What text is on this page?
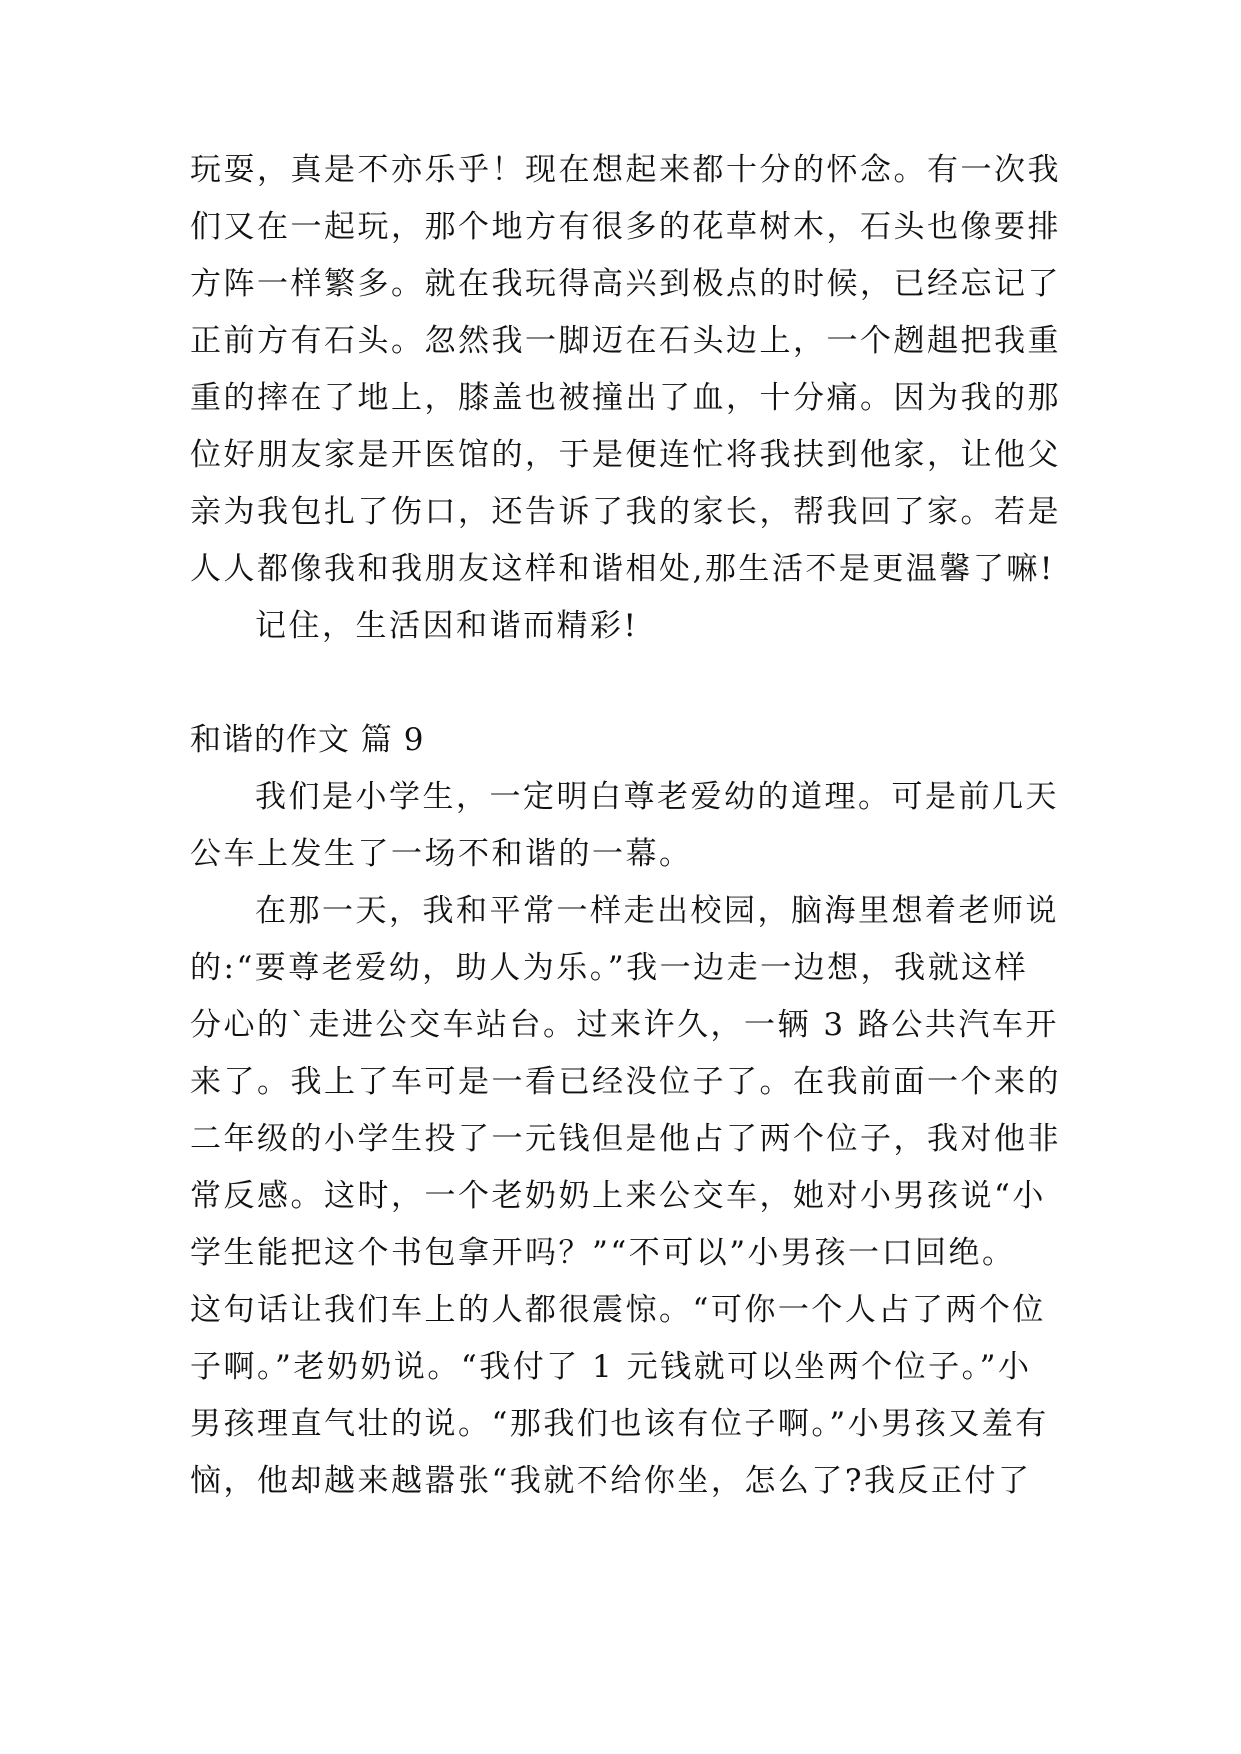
玩耍，真是不亦乐乎！现在想起来都十分的怀念。有一次我
们又在一起玩，那个地方有很多的花草树木，石头也像要排
方阵一样繁多。就在我玩得高兴到极点的时候，已经忘记了
正前方有石头。忽然我一脚迈在石头边上，一个趔趄把我重
重的摔在了地上，膝盖也被撞出了血，十分痛。因为我的那
位好朋友家是开医馆的，于是便连忙将我扶到他家，让他父
亲为我包扎了伤口，还告诉了我的家长，帮我回了家。若是
人人都像我和我朋友这样和谐相处,那生活不是更温馨了嘛!
记住，生活因和谐而精彩!
和谐的作文 篇 9
我们是小学生，一定明白尊老爱幼的道理。可是前几天
公车上发生了一场不和谐的一幕。
在那一天，我和平常一样走出校园，脑海里想着老师说
的:“要尊老爱幼，助人为乐。”我一边走一边想，我就这样
分心的`走进公交车站台。过来许久，一辆 3 路公共汽车开
来了。我上了车可是一看已经没位子了。在我前面一个来的
二年级的小学生投了一元钱但是他占了两个位子，我对他非
常反感。这时，一个老奶奶上来公交车，她对小男孩说“小
学生能把这个书包拿开吗？”“不可以”小男孩一口回绝。
这句话让我们车上的人都很震惊。“可你一个人占了两个位
子啊。”老奶奶说。“我付了 1 元钱就可以坐两个位子。”小
男孩理直气壮的说。“那我们也该有位子啊。”小男孩又羞有
恼，他却越来越嚣张“我就不给你坐，怎么了?我反正付了
